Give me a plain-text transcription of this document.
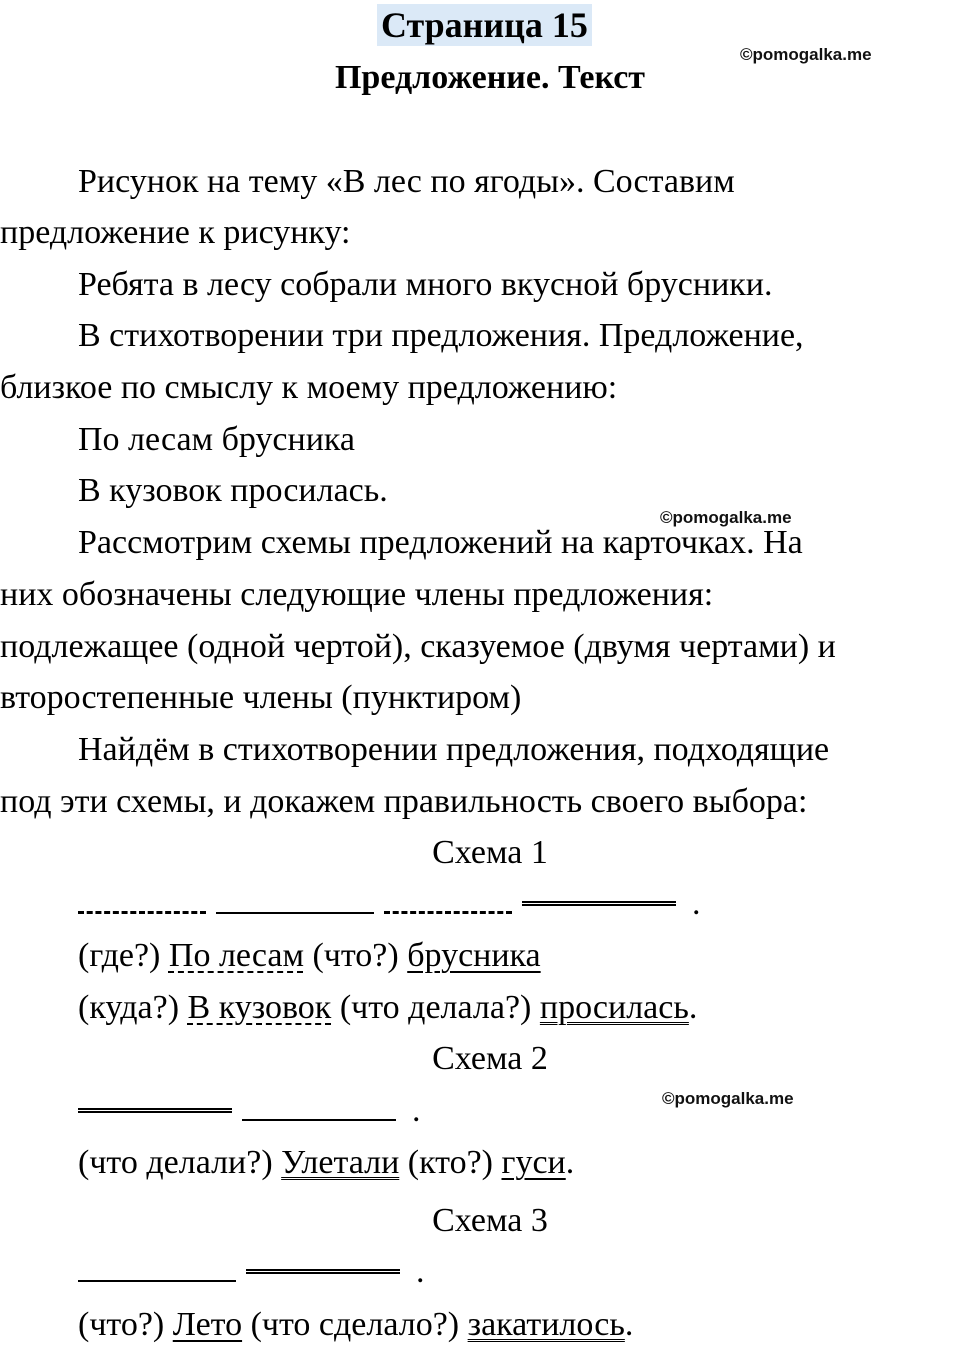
Страница 15
Предложение. Текст
©pomogalka.me
Рисунок на тему «В лес по ягоды». Составим
предложение к рисунку:
Ребята в лесу собрали много вкусной брусники.
В стихотворении три предложения. Предложение,
близкое по смыслу к моему предложению:
По лесам брусника
В кузовок просилась.
©pomogalka.me
Рассмотрим схемы предложений на карточках. На
них обозначены следующие члены предложения:
подлежащее (одной чертой), сказуемое (двумя чертами) и
второстепенные члены (пунктиром)
Найдём в стихотворении предложения, подходящие
под эти схемы, и докажем правильность своего выбора:
Схема 1
.
(где?) По лесам (что?) брусника
(куда?) В кузовок (что делала?) просилась.
Схема 2
©pomogalka.me
.
(что делали?) Улетали (кто?) гуси.
Схема 3
.
(что?) Лето (что сделало?) закатилось.
